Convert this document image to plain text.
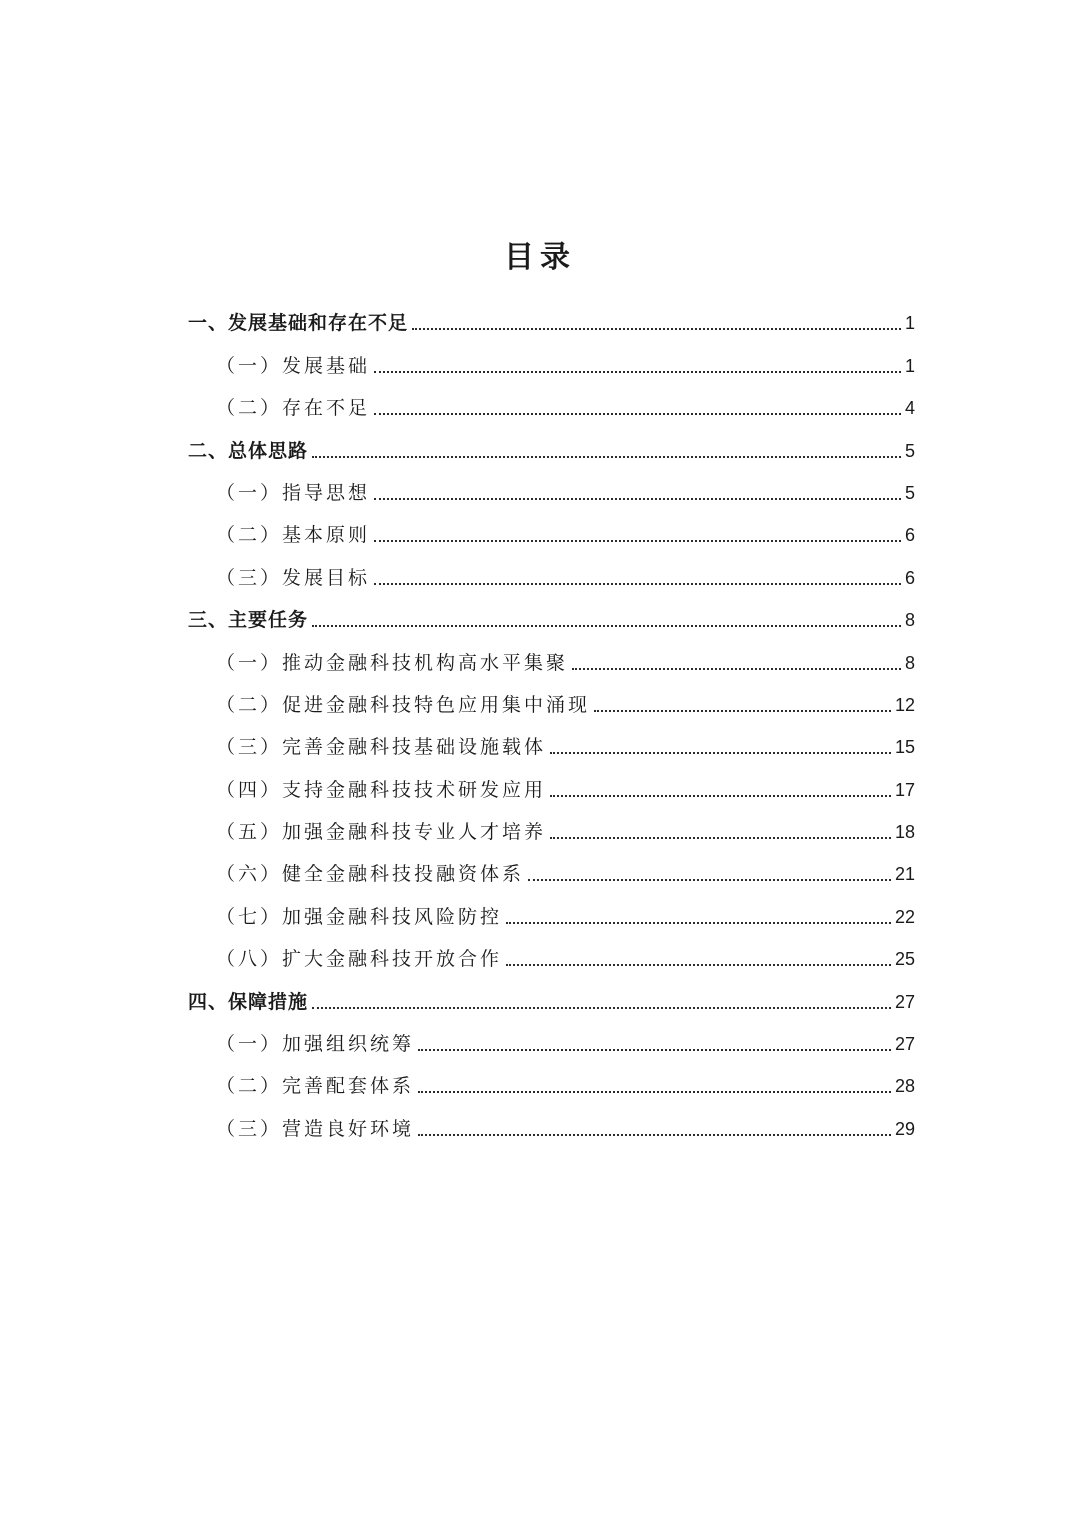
目录
一、发展基础和存在不足	1
（一）发展基础	1
（二）存在不足	4
二、总体思路	5
（一）指导思想	5
（二）基本原则	6
（三）发展目标	6
三、主要任务	8
（一）推动金融科技机构高水平集聚	8
（二）促进金融科技特色应用集中涌现	12
（三）完善金融科技基础设施载体	15
（四）支持金融科技技术研发应用	17
（五）加强金融科技专业人才培养	18
（六）健全金融科技投融资体系	21
（七）加强金融科技风险防控	22
（八）扩大金融科技开放合作	25
四、保障措施	27
（一）加强组织统筹	27
（二）完善配套体系	28
（三）营造良好环境	29
